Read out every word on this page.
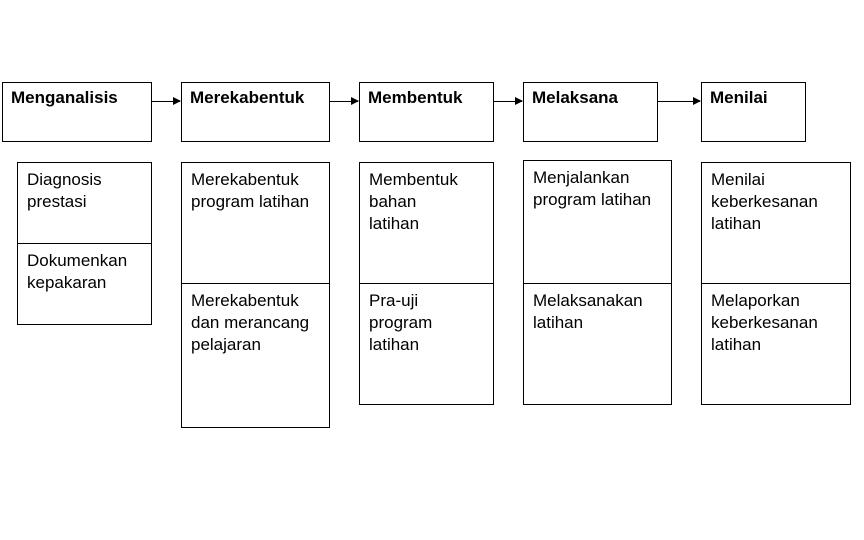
Menganalisis	Merekabentuk	Membentuk	Melaksana	Menilai
Diagnosis
prestasi
Dokumenkan
kepakaran
Merekabentuk
program latihan
Merekabentuk
dan merancang
pelajaran
Membentuk
bahan
latihan
Pra-uji
program
latihan
Menjalankan
program latihan
Melaksanakan
latihan
Menilai
keberkesanan
latihan
Melaporkan
keberkesanan
latihan
